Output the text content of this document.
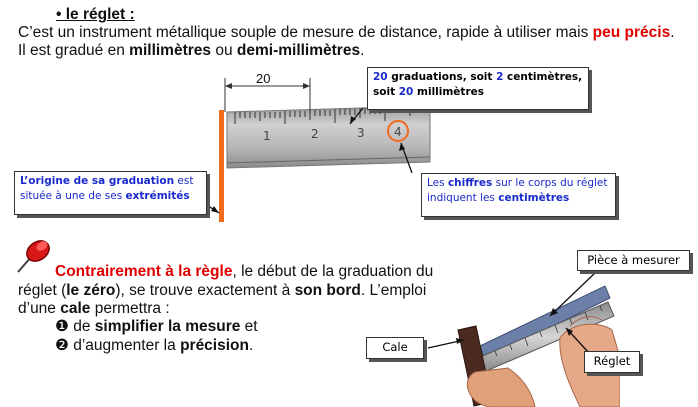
• le réglet :
C’est un instrument métallique souple de mesure de distance, rapide à utiliser mais peu précis.
Il est gradué en millimètres ou demi-millimètres.
1	2	3 4
20	20 graduations, soit 2 centimètres,
soit 20 millimètres
L’origine de sa graduation est située à une de ses extrémités
Les chiffres sur le corps du réglet indiquent les centimètres
Contrairement à la règle, le début de la graduation du
réglet (le zéro), se trouve exactement à son bord. L’emploi
d’une cale permettra :
❶ de simplifier la mesure et
❷ d’augmenter la précision.
Pièce à mesurer
Cale
Réglet
